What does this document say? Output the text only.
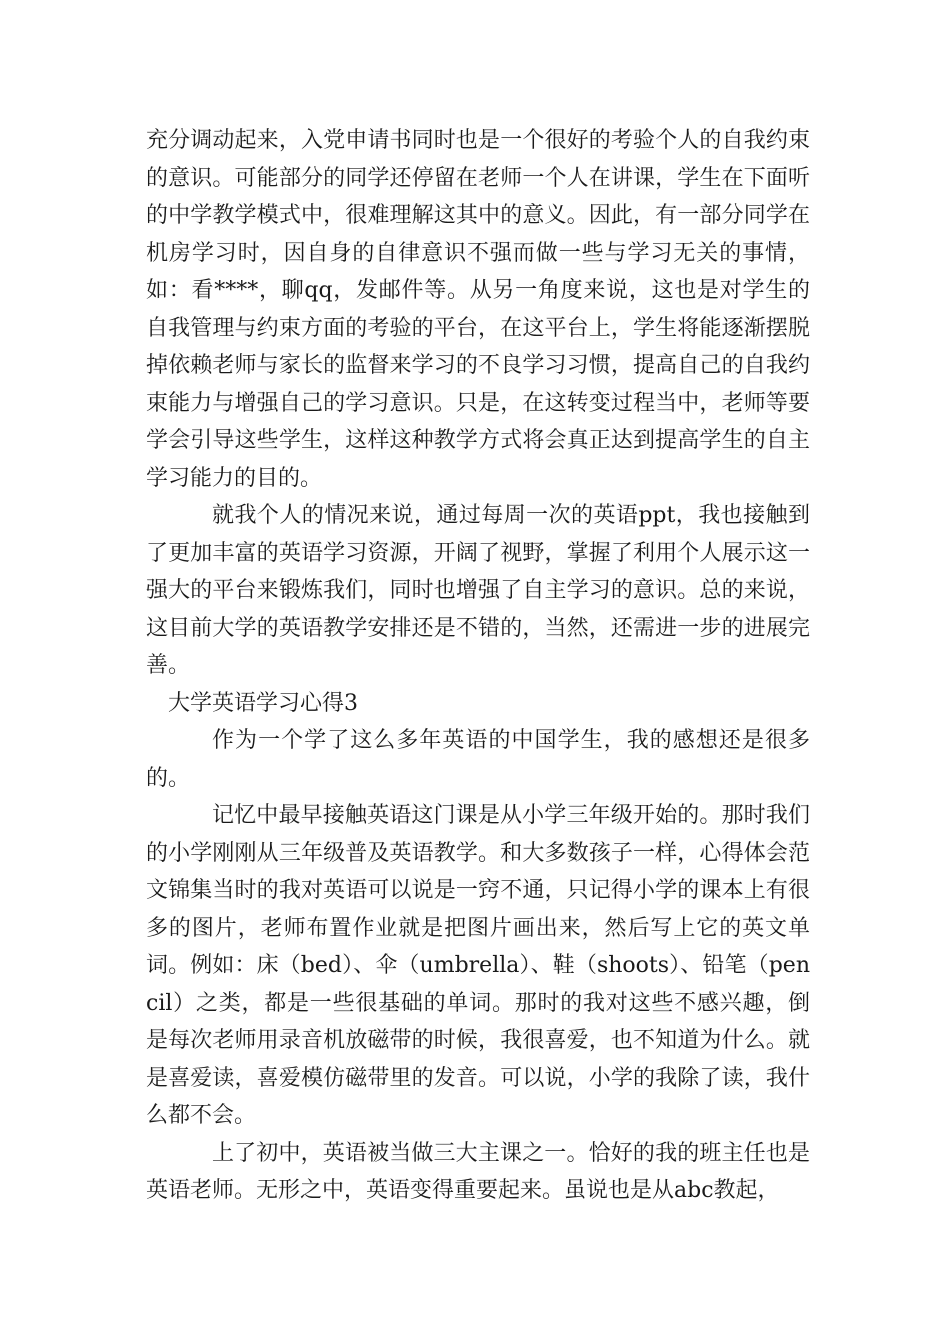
充分调动起来，入党申请书同时也是一个很好的考验个人的自我约束的意识。可能部分的同学还停留在老师一个人在讲课，学生在下面听的中学教学模式中，很难理解这其中的意义。因此，有一部分同学在机房学习时，因自身的自律意识不强而做一些与学习无关的事情，如：看****，聊qq，发邮件等。从另一角度来说，这也是对学生的自我管理与约束方面的考验的平台，在这平台上，学生将能逐渐摆脱掉依赖老师与家长的监督来学习的不良学习习惯，提高自己的自我约束能力与增强自己的学习意识。只是，在这转变过程当中，老师等要学会引导这些学生，这样这种教学方式将会真正达到提高学生的自主学习能力的目的。

就我个人的情况来说，通过每周一次的英语ppt，我也接触到了更加丰富的英语学习资源，开阔了视野，掌握了利用个人展示这一强大的平台来锻炼我们，同时也增强了自主学习的意识。总的来说，这目前大学的英语教学安排还是不错的，当然，还需进一步的进展完善。

大学英语学习心得3

作为一个学了这么多年英语的中国学生，我的感想还是很多的。

记忆中最早接触英语这门课是从小学三年级开始的。那时我们的小学刚刚从三年级普及英语教学。和大多数孩子一样，心得体会范文锦集当时的我对英语可以说是一窍不通，只记得小学的课本上有很多的图片，老师布置作业就是把图片画出来，然后写上它的英文单词。例如：床（bed）、伞（umbrella）、鞋（shoots）、铅笔（pencil）之类，都是一些很基础的单词。那时的我对这些不感兴趣，倒是每次老师用录音机放磁带的时候，我很喜爱，也不知道为什么。就是喜爱读，喜爱模仿磁带里的发音。可以说，小学的我除了读，我什么都不会。

上了初中，英语被当做三大主课之一。恰好的我的班主任也是英语老师。无形之中，英语变得重要起来。虽说也是从abc教起，
